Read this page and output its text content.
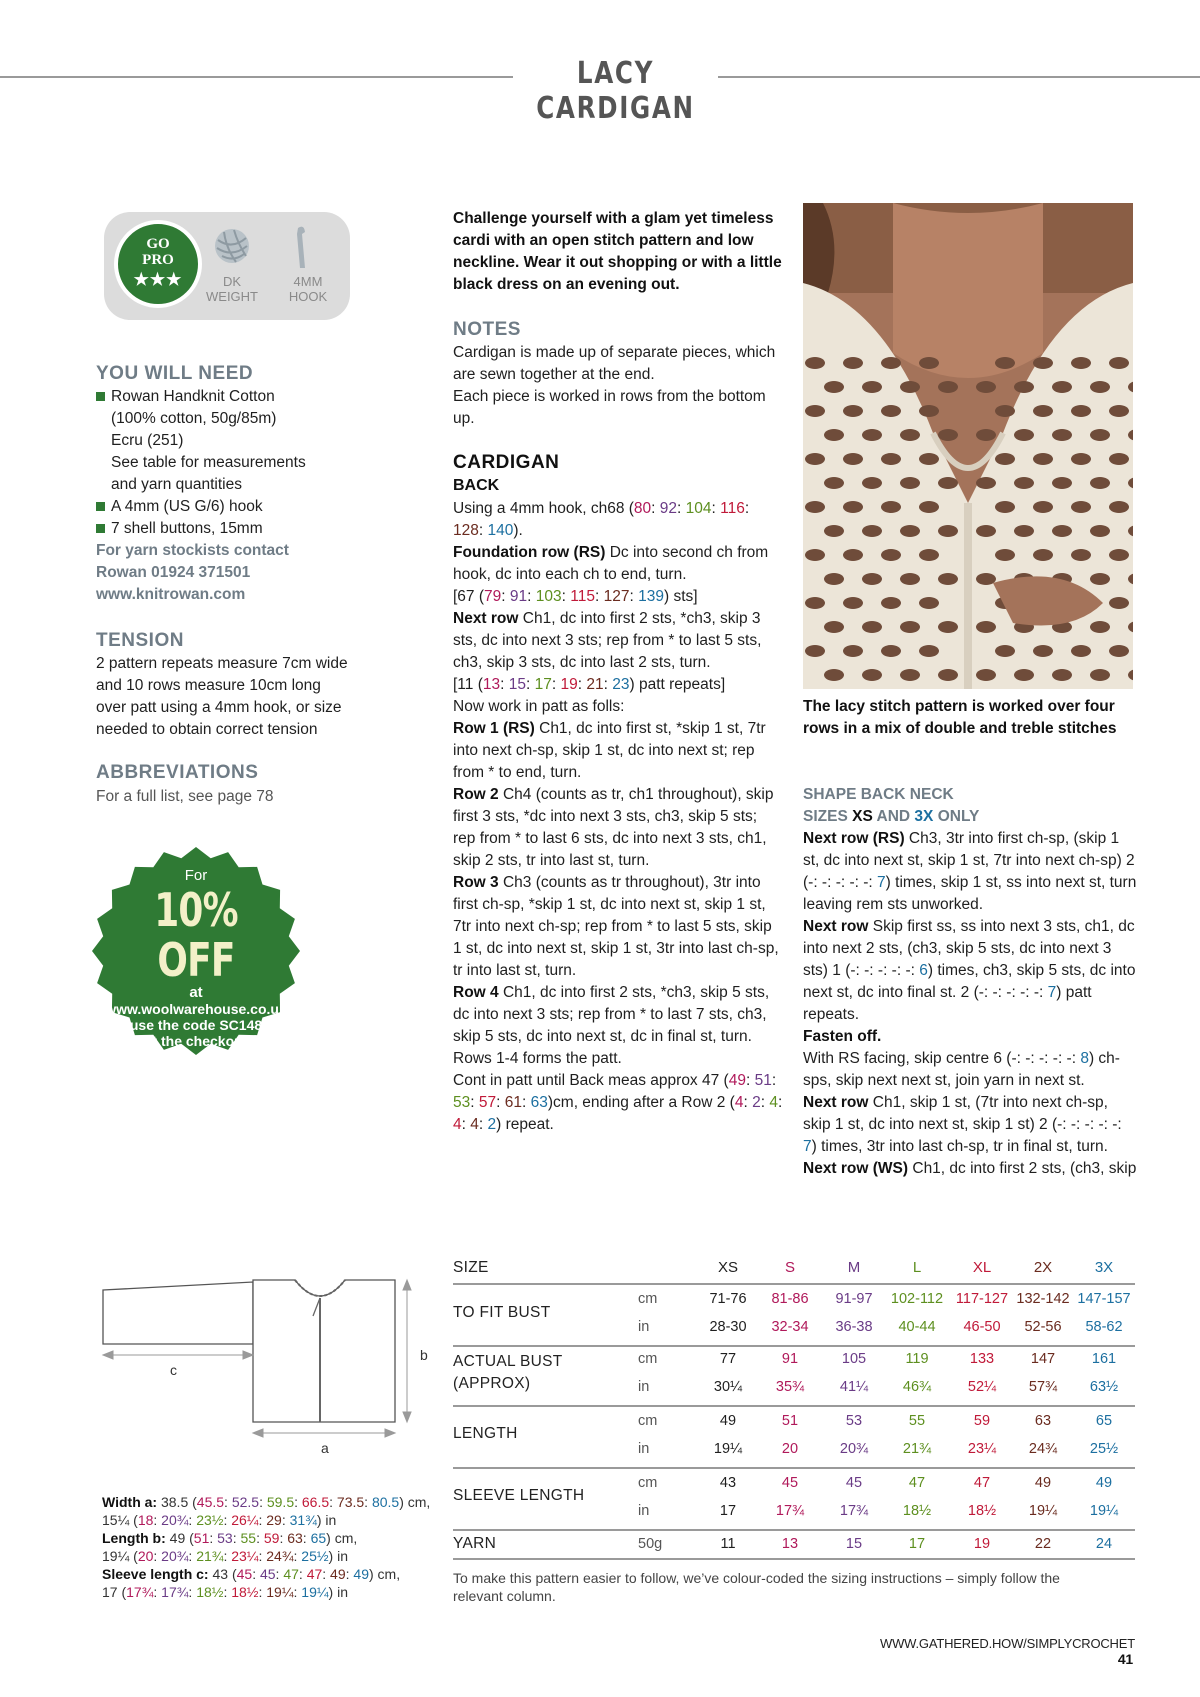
LACY CARDIGAN
GO
PRO
★★★	DK
WEIGHT
4MM
HOOK
YOU WILL NEED
Rowan Handknit Cotton
(100% cotton, 50g/85m)
Ecru (251)
See table for measurements
and yarn quantities
A 4mm (US G/6) hook
7 shell buttons, 15mm
For yarn stockists contact
Rowan 01924 371501
www.knitrowan.com
TENSION
2 pattern repeats measure 7cm wide
and 10 rows measure 10cm long
over patt using a 4mm hook, or size
needed to obtain correct tension
ABBREVIATIONS
For a full list, see page 78
For
10% OFF
at
www.woolwarehouse.co.uk
use the code SC148
at the checkout
Discount code not valid on yarn packs,
sale items and KC Collection products.
Challenge yourself with a glam yet timeless
cardi with an open stitch pattern and low
neckline. Wear it out shopping or with a little
black dress on an evening out.
NOTES
Cardigan is made up of separate pieces, which
are sewn together at the end.
Each piece is worked in rows from the bottom
up.
CARDIGAN
BACK
Using a 4mm hook, ch68 (80: 92: 104: 116: 128: 140).
Foundation row (RS) Dc into second ch from hook, dc into each ch to end, turn.
[67 (79: 91: 103: 115: 127: 139) sts]
Next row Ch1, dc into first 2 sts, *ch3, skip 3 sts, dc into next 3 sts; rep from * to last 5 sts, ch3, skip 3 sts, dc into last 2 sts, turn.
[11 (13: 15: 17: 19: 21: 23) patt repeats]
Now work in patt as folls:
Row 1 (RS) Ch1, dc into first st, *skip 1 st, 7tr into next ch-sp, skip 1 st, dc into next st; rep from * to end, turn.
Row 2 Ch4 (counts as tr, ch1 throughout), skip first 3 sts, *dc into next 3 sts, ch3, skip 5 sts; rep from * to last 6 sts, dc into next 3 sts, ch1, skip 2 sts, tr into last st, turn.
Row 3 Ch3 (counts as tr throughout), 3tr into first ch-sp, *skip 1 st, dc into next st, skip 1 st, 7tr into next ch-sp; rep from * to last 5 sts, skip 1 st, dc into next st, skip 1 st, 3tr into last ch-sp, tr into last st, turn.
Row 4 Ch1, dc into first 2 sts, *ch3, skip 5 sts, dc into next 3 sts; rep from * to last 7 sts, ch3, skip 5 sts, dc into next st, dc in final st, turn.
Rows 1-4 forms the patt.
Cont in patt until Back meas approx 47 (49: 51: 53: 57: 61: 63)cm, ending after a Row 2 (4: 2: 4: 4: 4: 2) repeat.
The lacy stitch pattern is worked over four
rows in a mix of double and treble stitches
SHAPE BACK NECK
SIZES XS AND 3X ONLY
Next row (RS) Ch3, 3tr into first ch-sp, (skip 1 st, dc into next st, skip 1 st, 7tr into next ch-sp) 2 (-: -: -: -: -: 7) times, skip 1 st, ss into next st, turn leaving rem sts unworked.
Next row Skip first ss, ss into next 3 sts, ch1, dc into next 2 sts, (ch3, skip 5 sts, dc into next 3 sts) 1 (-: -: -: -: -: 6) times, ch3, skip 5 sts, dc into next st, dc into final st. 2 (-: -: -: -: -: 7) patt repeats.
Fasten off.
With RS facing, skip centre 6 (-: -: -: -: -: 8) ch-sps, skip next next st, join yarn in next st.
Next row Ch1, skip 1 st, (7tr into next ch-sp, skip 1 st, dc into next st, skip 1 st) 2 (-: -: -: -: -: 7) times, 3tr into last ch-sp, tr in final st, turn.
Next row (WS) Ch1, dc into first 2 sts, (ch3, skip
c
a
b
Width a: 38.5 (45.5: 52.5: 59.5: 66.5: 73.5: 80.5) cm,
15¼ (18: 20¾: 23½: 26¼: 29: 31¾) in
Length b: 49 (51: 53: 55: 59: 63: 65) cm,
19¼ (20: 20¾: 21¾: 23¼: 24¾: 25½) in
Sleeve length c: 43 (45: 45: 47: 47: 49: 49) cm,
17 (17¾: 17¾: 18½: 18½: 19¼: 19¼) in
SIZE	XS	S	M	L	XL	2X	3X
TO FIT BUST
cm
in
71-76	81-86	91-97	102-112 117-127 132-142 147-157
28-30	32-34	36-38	40-44	46-50	52-56	58-62
ACTUAL BUST
(APPROX)
cm
in
77	91	105	119	133	147	161
30¼	35¾	41¼	46¾	52¼	57¾	63½
LENGTH
cm
in
49	51	53	55	59	63	65
19¼	20	20¾	21¾	23¼	24¾	25½
SLEEVE LENGTH
cm
in
43	45	45	47	47	49	49
17	17¾	17¾	18½	18½	19¼	19¼
YARN	50g	11	13	15	17	19	22	24
To make this pattern easier to follow, we’ve colour-coded the sizing instructions – simply follow the
relevant column.
WWW.GATHERED.HOW/SIMPLYCROCHET 41
